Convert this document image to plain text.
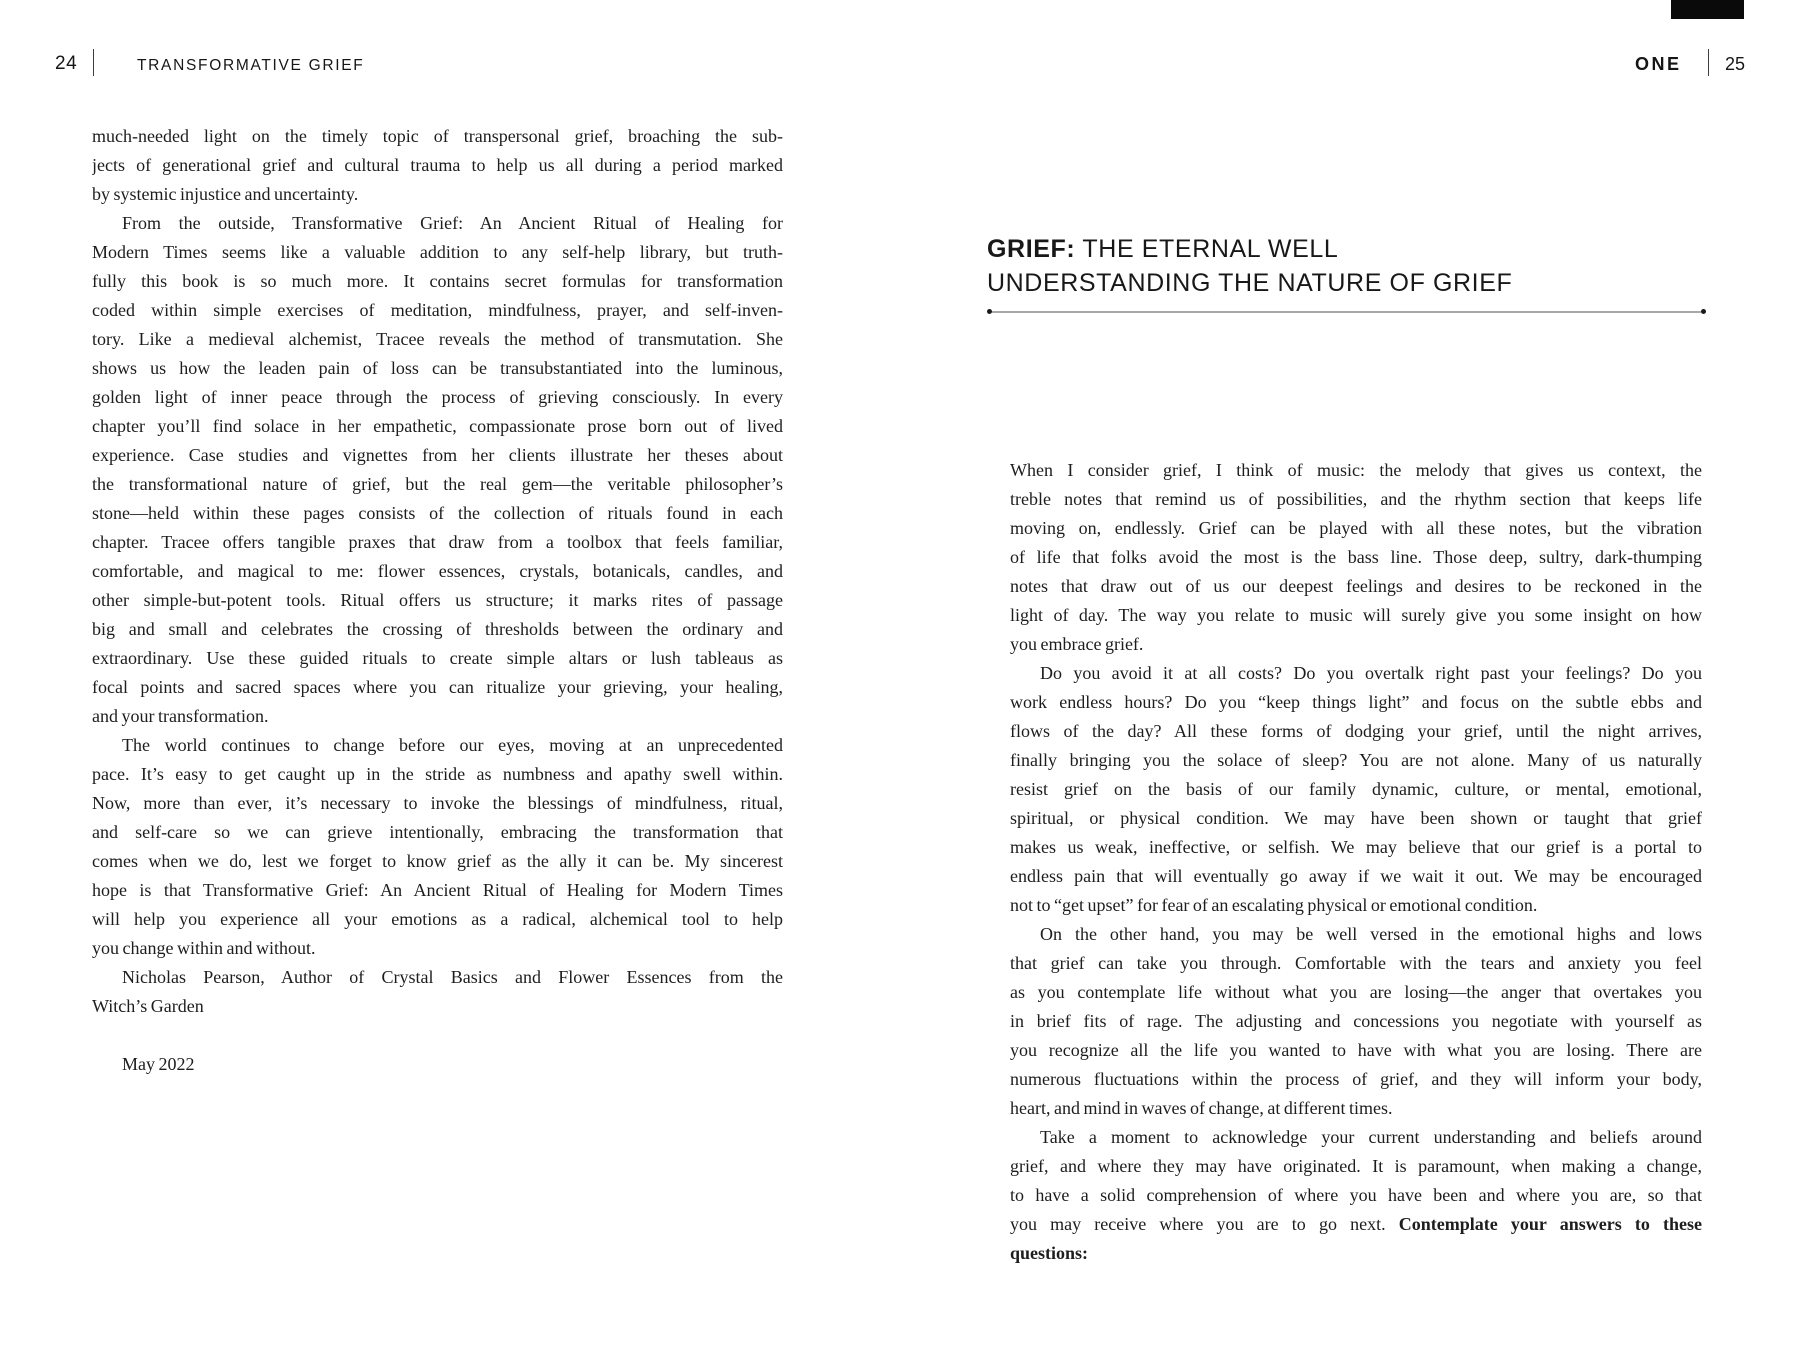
24	TRANSFORMATIVE GRIEF	ONE 25
GRIEF: THE ETERNAL WELL
UNDERSTANDING THE NATURE OF GRIEF
much-needed light on the timely topic of transpersonal grief, broaching the sub-
jects of generational grief and cultural trauma to help us all during a period marked
by systemic injustice and uncertainty.
From the outside, Transformative Grief: An Ancient Ritual of Healing for
Modern Times seems like a valuable addition to any self-help library, but truth-
fully this book is so much more. It contains secret formulas for transformation
coded within simple exercises of meditation, mindfulness, prayer, and self-inven-
tory. Like a medieval alchemist, Tracee reveals the method of transmutation. She
shows us how the leaden pain of loss can be transubstantiated into the luminous,
golden light of inner peace through the process of grieving consciously. In every
chapter you’ll find solace in her empathetic, compassionate prose born out of lived
experience. Case studies and vignettes from her clients illustrate her theses about
the transformational nature of grief, but the real gem—the veritable philosopher’s
stone—held within these pages consists of the collection of rituals found in each
chapter. Tracee offers tangible praxes that draw from a toolbox that feels familiar,
comfortable, and magical to me: flower essences, crystals, botanicals, candles, and
other simple-but-potent tools. Ritual offers us structure; it marks rites of passage
big and small and celebrates the crossing of thresholds between the ordinary and
extraordinary. Use these guided rituals to create simple altars or lush tableaus as
focal points and sacred spaces where you can ritualize your grieving, your healing,
and your transformation.
The world continues to change before our eyes, moving at an unprecedented
pace. It’s easy to get caught up in the stride as numbness and apathy swell within.
Now, more than ever, it’s necessary to invoke the blessings of mindfulness, ritual,
and self-care so we can grieve intentionally, embracing the transformation that
comes when we do, lest we forget to know grief as the ally it can be. My sincerest
hope is that Transformative Grief: An Ancient Ritual of Healing for Modern Times
will help you experience all your emotions as a radical, alchemical tool to help
you change within and without.
Nicholas Pearson, Author of Crystal Basics and Flower Essences from the
Witch’s Garden
May 2022
When I consider grief, I think of music: the melody that gives us context, the
treble notes that remind us of possibilities, and the rhythm section that keeps life
moving on, endlessly. Grief can be played with all these notes, but the vibration
of life that folks avoid the most is the bass line. Those deep, sultry, dark-thumping
notes that draw out of us our deepest feelings and desires to be reckoned in the
light of day. The way you relate to music will surely give you some insight on how
you embrace grief.
Do you avoid it at all costs? Do you overtalk right past your feelings? Do you
work endless hours? Do you “keep things light” and focus on the subtle ebbs and
flows of the day? All these forms of dodging your grief, until the night arrives,
finally bringing you the solace of sleep? You are not alone. Many of us naturally
resist grief on the basis of our family dynamic, culture, or mental, emotional,
spiritual, or physical condition. We may have been shown or taught that grief
makes us weak, ineffective, or selfish. We may believe that our grief is a portal to
endless pain that will eventually go away if we wait it out. We may be encouraged
not to “get upset” for fear of an escalating physical or emotional condition.
On the other hand, you may be well versed in the emotional highs and lows
that grief can take you through. Comfortable with the tears and anxiety you feel
as you contemplate life without what you are losing—the anger that overtakes you
in brief fits of rage. The adjusting and concessions you negotiate with yourself as
you recognize all the life you wanted to have with what you are losing. There are
numerous fluctuations within the process of grief, and they will inform your body,
heart, and mind in waves of change, at different times.
Take a moment to acknowledge your current understanding and beliefs around
grief, and where they may have originated. It is paramount, when making a change,
to have a solid comprehension of where you have been and where you are, so that
you may receive where you are to go next. Contemplate your answers to these
questions:
